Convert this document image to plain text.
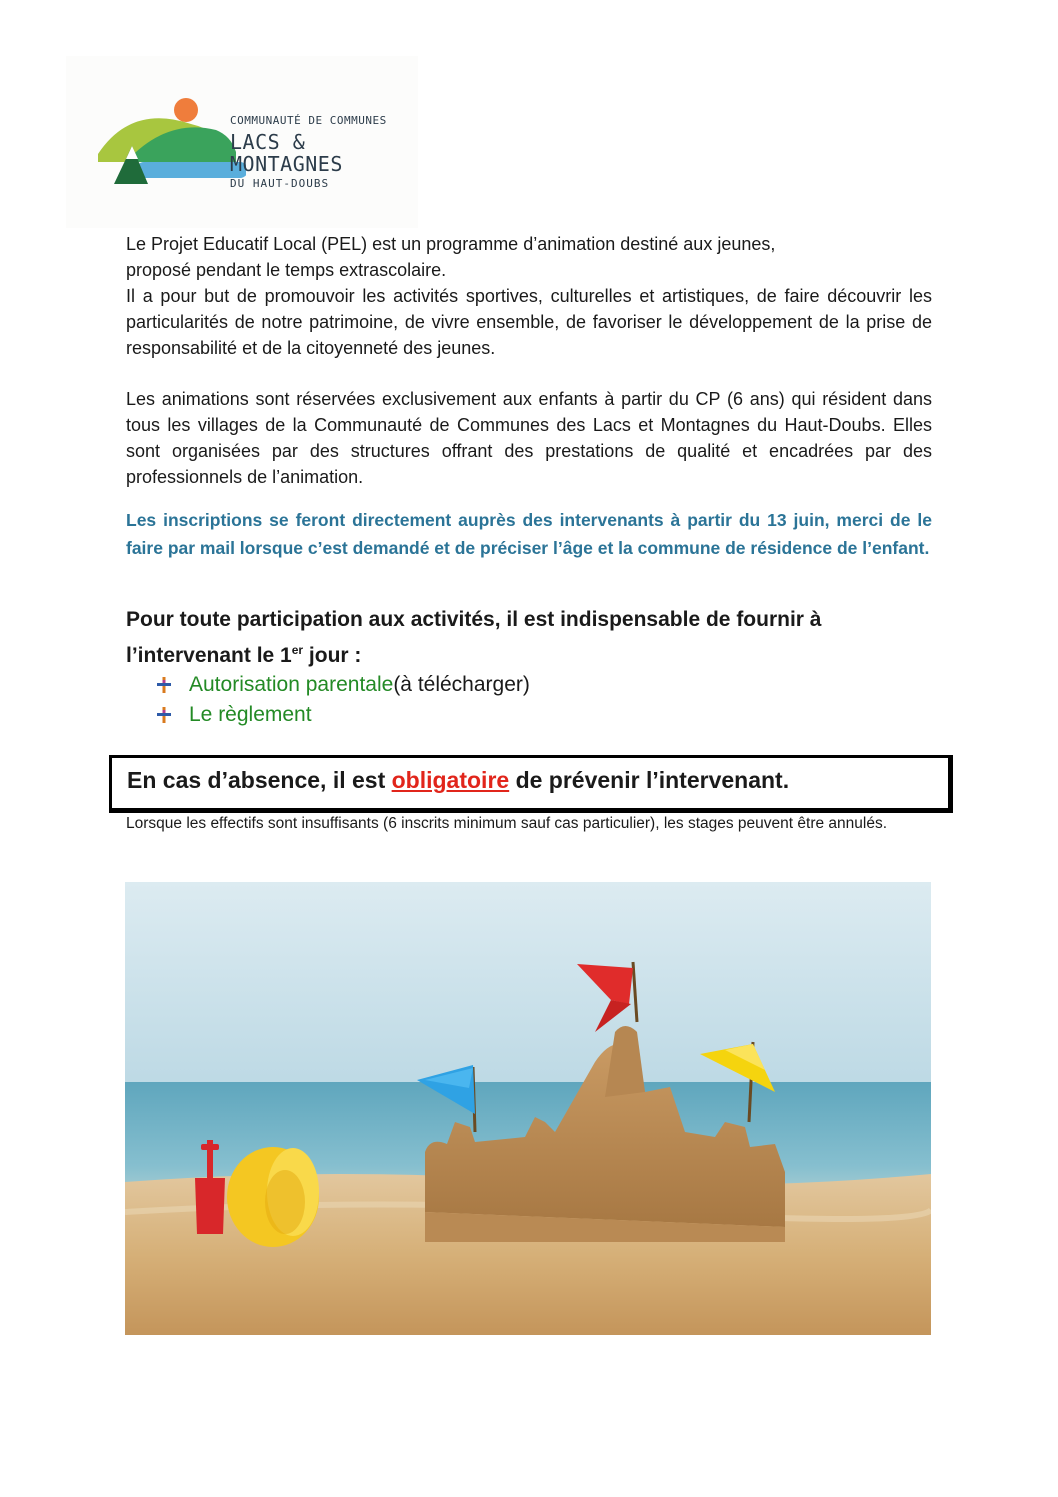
COMMUNAUTÉ DE COMMUNES
LACS &
MONTAGNES
DU HAUT-DOUBS

Le Projet Educatif Local (PEL) est un programme d’animation destiné aux jeunes,

proposé pendant le temps extrascolaire.

Il a pour but de promouvoir les activités sportives, culturelles et artistiques, de faire découvrir les particularités de notre patrimoine, de vivre ensemble, de favoriser le développement de la prise de responsabilité et de la citoyenneté des jeunes.

Les animations sont réservées exclusivement aux enfants à partir du CP (6 ans) qui résident dans tous les villages de la Communauté de Communes des Lacs et Montagnes du Haut-Doubs. Elles sont organisées par des structures offrant des prestations de qualité et encadrées par des professionnels de l’animation.

Les inscriptions se feront directement auprès des intervenants à partir du 13 juin, merci de le faire par mail lorsque c’est demandé et de préciser l’âge et la commune de résidence de l’enfant.

Pour toute participation aux activités, il est indispensable de fournir à

l’intervenant le 1er jour :

Autorisation parentale (à télécharger)
Le règlement
En cas d’absence, il est obligatoire de prévenir l’intervenant.
Lorsque les effectifs sont insuffisants (6 inscrits minimum sauf cas particulier), les stages peuvent être annulés.
